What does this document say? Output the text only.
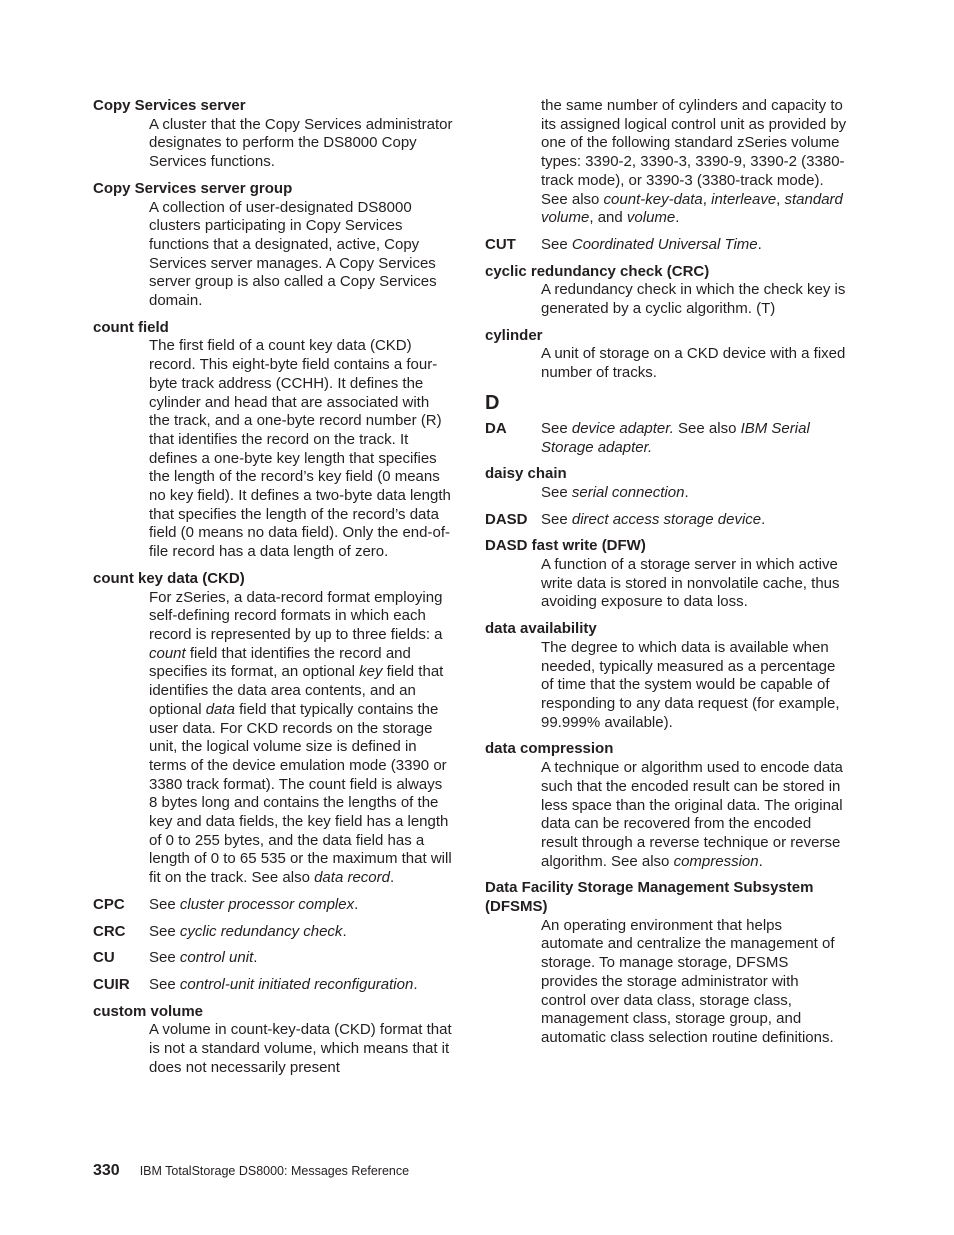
Copy Services server
A cluster that the Copy Services administrator designates to perform the DS8000 Copy Services functions.
Copy Services server group
A collection of user-designated DS8000 clusters participating in Copy Services functions that a designated, active, Copy Services server manages. A Copy Services server group is also called a Copy Services domain.
count field
The first field of a count key data (CKD) record. This eight-byte field contains a four-byte track address (CCHH). It defines the cylinder and head that are associated with the track, and a one-byte record number (R) that identifies the record on the track. It defines a one-byte key length that specifies the length of the record’s key field (0 means no key field). It defines a two-byte data length that specifies the length of the record’s data field (0 means no data field). Only the end-of-file record has a data length of zero.
count key data (CKD)
For zSeries, a data-record format employing self-defining record formats in which each record is represented by up to three fields: a count field that identifies the record and specifies its format, an optional key field that identifies the data area contents, and an optional data field that typically contains the user data. For CKD records on the storage unit, the logical volume size is defined in terms of the device emulation mode (3390 or 3380 track format). The count field is always 8 bytes long and contains the lengths of the key and data fields, the key field has a length of 0 to 255 bytes, and the data field has a length of 0 to 65 535 or the maximum that will fit on the track. See also data record.
CPC	See cluster processor complex.
CRC	See cyclic redundancy check.
CU	See control unit.
CUIR	See control-unit initiated reconfiguration.
custom volume
A volume in count-key-data (CKD) format that is not a standard volume, which means that it does not necessarily present
the same number of cylinders and capacity to its assigned logical control unit as provided by one of the following standard zSeries volume types: 3390-2, 3390-3, 3390-9, 3390-2 (3380-track mode), or 3390-3 (3380-track mode). See also count-key-data, interleave, standard volume, and volume.
CUT	See Coordinated Universal Time.
cyclic redundancy check (CRC)
A redundancy check in which the check key is generated by a cyclic algorithm. (T)
cylinder
A unit of storage on a CKD device with a fixed number of tracks.
D
DA	See device adapter. See also IBM Serial Storage adapter.
daisy chain
See serial connection.
DASD See direct access storage device.
DASD fast write (DFW)
A function of a storage server in which active write data is stored in nonvolatile cache, thus avoiding exposure to data loss.
data availability
The degree to which data is available when needed, typically measured as a percentage of time that the system would be capable of responding to any data request (for example, 99.999% available).
data compression
A technique or algorithm used to encode data such that the encoded result can be stored in less space than the original data. The original data can be recovered from the encoded result through a reverse technique or reverse algorithm. See also compression.
Data Facility Storage Management Subsystem (DFSMS)
An operating environment that helps automate and centralize the management of storage. To manage storage, DFSMS provides the storage administrator with control over data class, storage class, management class, storage group, and automatic class selection routine definitions.
330 IBM TotalStorage DS8000: Messages Reference
